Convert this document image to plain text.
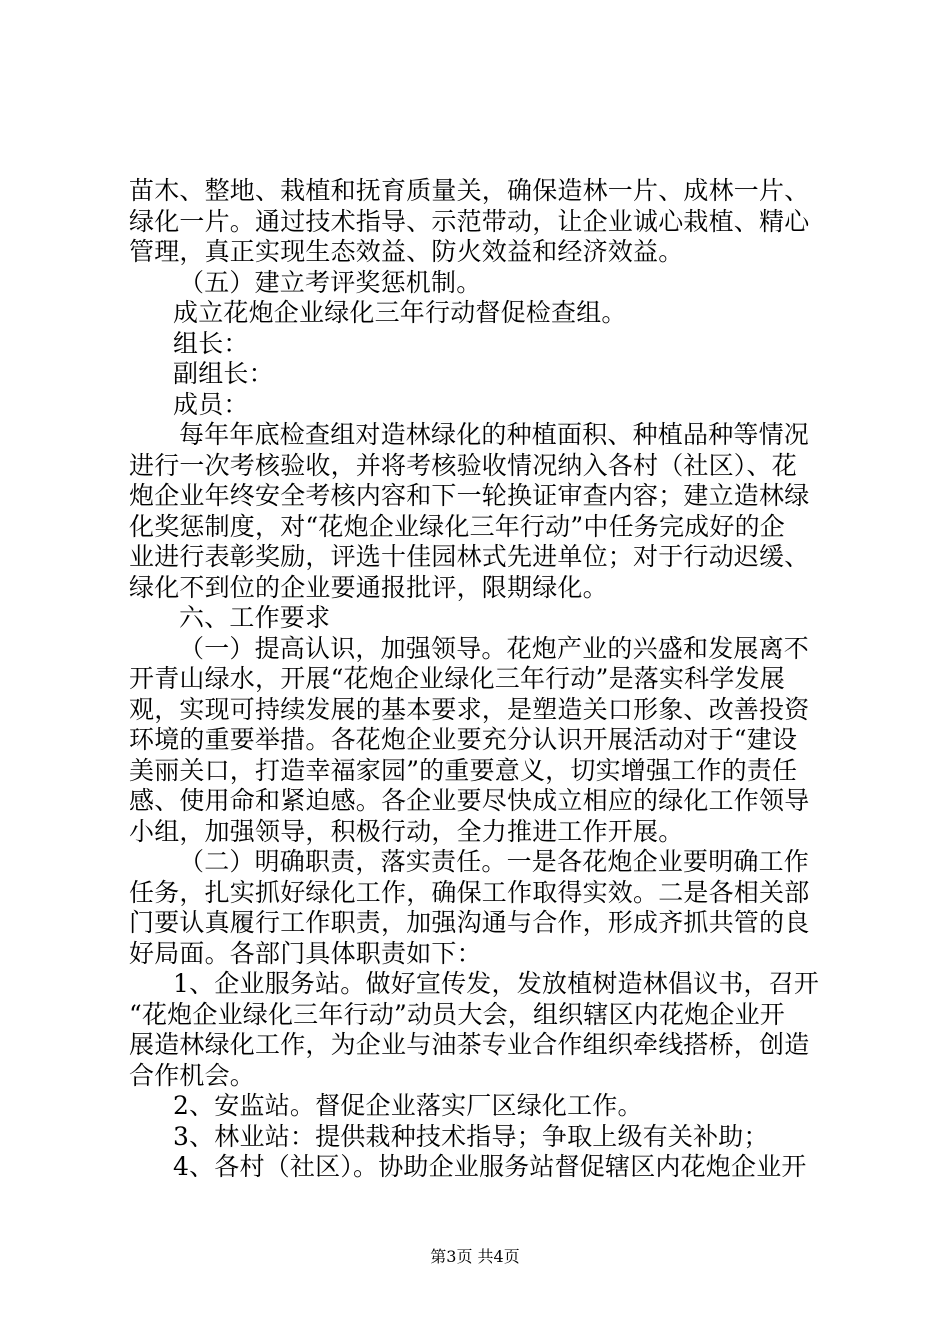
苗木、整地、栽植和抚育质量关，确保造林一片、成林一片、
绿化一片。通过技术指导、示范带动，让企业诚心栽植、精心
管理，真正实现生态效益、防火效益和经济效益。
（五）建立考评奖惩机制。
成立花炮企业绿化三年行动督促检查组。
组长：
副组长：
成员：
每年年底检查组对造林绿化的种植面积、种植品种等情况
进行一次考核验收，并将考核验收情况纳入各村（社区）、花
炮企业年终安全考核内容和下一轮换证审查内容；建立造林绿
化奖惩制度，对“花炮企业绿化三年行动”中任务完成好的企
业进行表彰奖励，评选十佳园林式先进单位；对于行动迟缓、
绿化不到位的企业要通报批评，限期绿化。
六、工作要求
（一）提高认识，加强领导。花炮产业的兴盛和发展离不
开青山绿水，开展“花炮企业绿化三年行动”是落实科学发展
观，实现可持续发展的基本要求，是塑造关口形象、改善投资
环境的重要举措。各花炮企业要充分认识开展活动对于“建设
美丽关口，打造幸福家园”的重要意义，切实增强工作的责任
感、使用命和紧迫感。各企业要尽快成立相应的绿化工作领导
小组，加强领导，积极行动，全力推进工作开展。
（二）明确职责，落实责任。一是各花炮企业要明确工作
任务，扎实抓好绿化工作，确保工作取得实效。二是各相关部
门要认真履行工作职责，加强沟通与合作，形成齐抓共管的良
好局面。各部门具体职责如下：
1、企业服务站。做好宣传发，发放植树造林倡议书，召开
“花炮企业绿化三年行动”动员大会，组织辖区内花炮企业开
展造林绿化工作，为企业与油茶专业合作组织牵线搭桥，创造
合作机会。
2、安监站。督促企业落实厂区绿化工作。
3、林业站：提供栽种技术指导；争取上级有关补助；
4、各村（社区）。协助企业服务站督促辖区内花炮企业开
第3页 共4页
